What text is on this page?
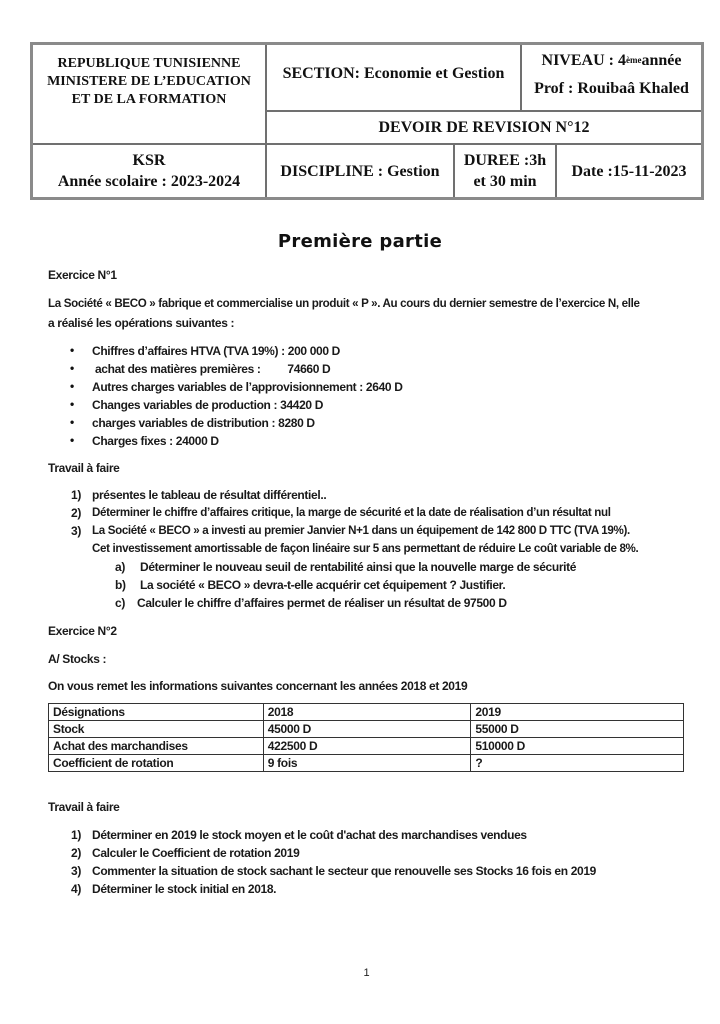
REPUBLIQUE TUNISIENNE
MINISTERE DE L’EDUCATION
ET DE LA FORMATION
SECTION: Economie et Gestion
NIVEAU : 4 ème année
Prof : Rouibaâ Khaled
DEVOIR DE REVISION N°12
KSR
Année scolaire : 2023-2024
DISCIPLINE : Gestion
DUREE :3h
et 30 min
Date :15-11-2023
Première partie
Exercice N°1
La Société « BECO » fabrique et commercialise un produit « P ». Au cours du dernier semestre de l’exercice N, elle
a réalisé les opérations suivantes :
• Chiffres d’affaires HTVA (TVA 19%) : 200 000 D
• achat des matières premières :         74660 D
• Autres charges variables de l’approvisionnement : 2640 D
• Changes variables de production : 34420 D
• charges variables de distribution : 8280 D
• Charges fixes : 24000 D
Travail à faire
1) présentes le tableau de résultat différentiel..
2) Déterminer le chiffre d’affaires critique, la marge de sécurité et la date de réalisation d’un résultat nul
3) La Société « BECO » a investi au premier Janvier N+1 dans un équipement de 142 800 D TTC (TVA 19%).
Cet investissement amortissable de façon linéaire sur 5 ans permettant de réduire Le coût variable de 8%.
a) Déterminer le nouveau seuil de rentabilité ainsi que la nouvelle marge de sécurité
b) La société « BECO » devra-t-elle acquérir cet équipement ? Justifier.
c) Calculer le chiffre d’affaires permet de réaliser un résultat de 97500 D
Exercice N°2
A/ Stocks :
On vous remet les informations suivantes concernant les années 2018 et 2019
Désignations	2018	2019
Stock	45000 D	55000 D
Achat des marchandises	422500 D	510000 D
Coefficient de rotation	9 fois	?
Travail à faire
1) Déterminer en 2019 le stock moyen et le coût d'achat des marchandises vendues
2) Calculer le Coefficient de rotation 2019
3) Commenter la situation de stock sachant le secteur que renouvelle ses Stocks 16 fois en 2019
4) Déterminer le stock initial en 2018.
1
